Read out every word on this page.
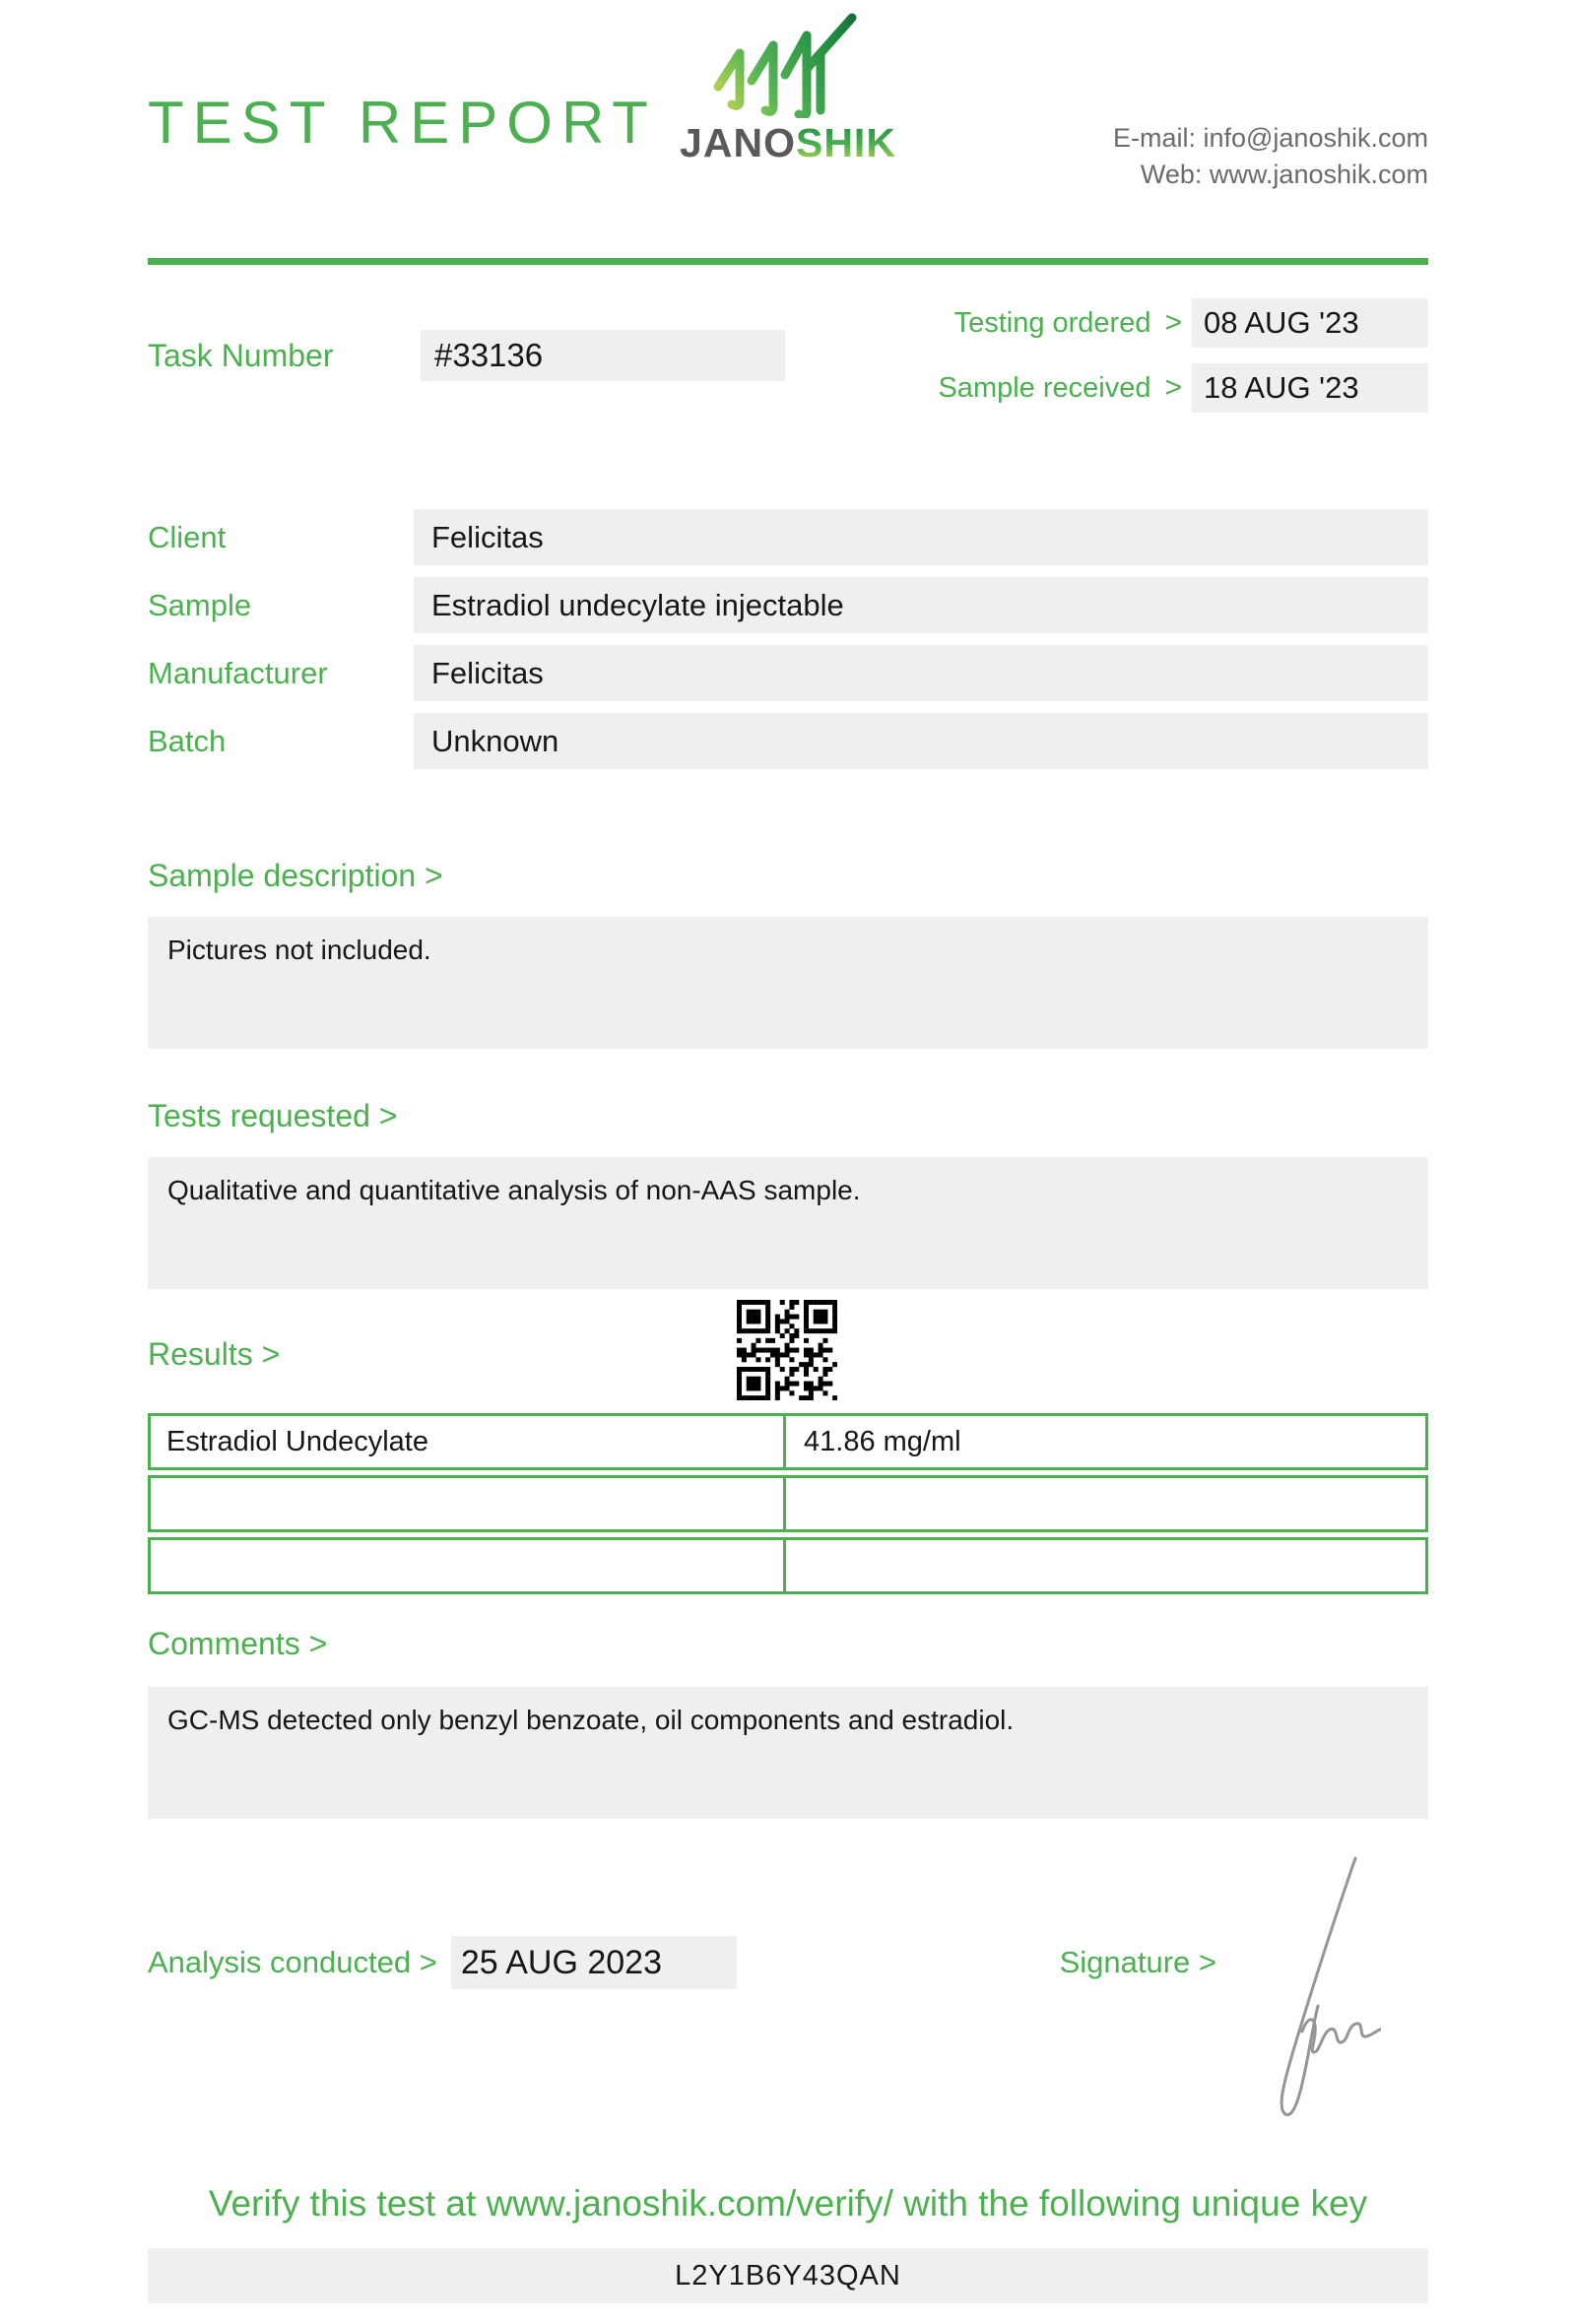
TEST REPORT JANOSHIK	E-mail: info@janoshik.com
Web: www.janoshik.com
Task Number	#33136
Testing ordered > 08 AUG '23
Sample received > 18 AUG '23
Client	Felicitas
Sample	Estradiol undecylate injectable
Manufacturer	Felicitas
Batch	Unknown
Sample description >
Pictures not included.
Tests requested >
Qualitative and quantitative analysis of non-AAS sample.
Results >
Estradiol Undecylate	41.86 mg/ml
Comments >
GC-MS detected only benzyl benzoate, oil components and estradiol.
Analysis conducted > 25 AUG 2023	Signature >
Verify this test at www.janoshik.com/verify/ with the following unique key
L2Y1B6Y43QAN
